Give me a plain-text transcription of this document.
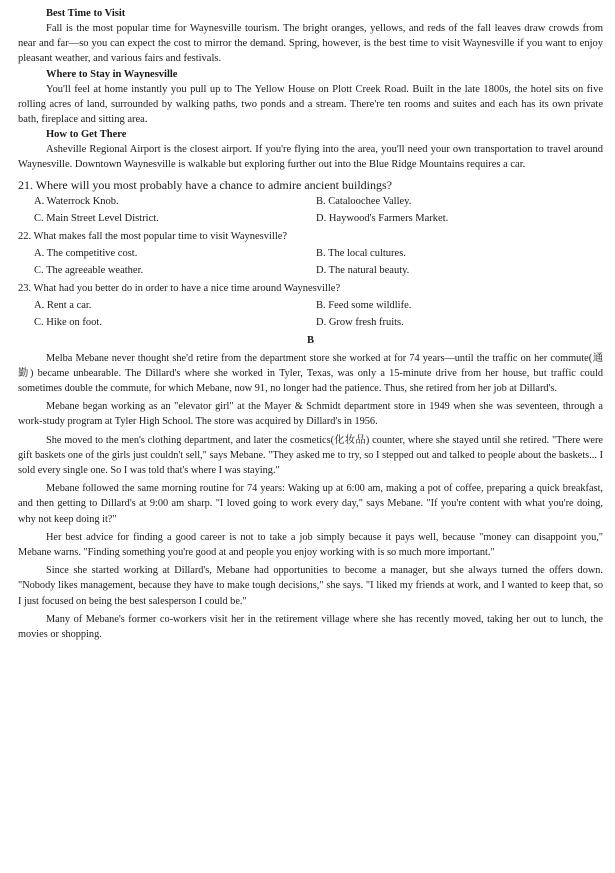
Best Time to Visit

Fall is the most popular time for Waynesville tourism. The bright oranges, yellows, and reds of the fall leaves draw crowds from near and far—so you can expect the cost to mirror the demand. Spring, however, is the best time to visit Waynesville if you want to enjoy pleasant weather, and various fairs and festivals.

Where to Stay in Waynesville

You'll feel at home instantly you pull up to The Yellow House on Plott Creek Road. Built in the late 1800s, the hotel sits on five rolling acres of land, surrounded by walking paths, two ponds and a stream. There're ten rooms and suites and each has its own private bath, fireplace and sitting area.

How to Get There

Asheville Regional Airport is the closest airport. If you're flying into the area, you'll need your own transportation to travel around Waynesville. Downtown Waynesville is walkable but exploring further out into the Blue Ridge Mountains requires a car.

21. Where will you most probably have a chance to admire ancient buildings?

A. Waterrock Knob.	B. Cataloochee Valley.
C. Main Street Level District.	D. Haywood's Farmers Market.

22. What makes fall the most popular time to visit Waynesville?

A. The competitive cost.	B. The local cultures.
C. The agreeable weather.	D. The natural beauty.

23. What had you better do in order to have a nice time around Waynesville?

A. Rent a car.	B. Feed some wildlife.
C. Hike on foot.	D. Grow fresh fruits.
B

Melba Mebane never thought she'd retire from the department store she worked at for 74 years—until the traffic on her commute(通勤) became unbearable. The Dillard's where she worked in Tyler, Texas, was only a 15-minute drive from her house, but traffic could sometimes double the commute, for which Mebane, now 91, no longer had the patience. Thus, she retired from her job at Dillard's.

Mebane began working as an "elevator girl" at the Mayer & Schmidt department store in 1949 when she was seventeen, through a work-study program at Tyler High School. The store was acquired by Dillard's in 1956.

She moved to the men's clothing department, and later the cosmetics(化妆品) counter, where she stayed until she retired. "There were gift baskets one of the girls just couldn't sell," says Mebane. "They asked me to try, so I stepped out and talked to people about the baskets... I sold every single one. So I was told that's where I was staying."

Mebane followed the same morning routine for 74 years: Waking up at 6:00 am, making a pot of coffee, preparing a quick breakfast, and then getting to Dillard's at 9:00 am sharp. "I loved going to work every day," says Mebane. "If you're content with what you're doing, why not keep doing it?"

Her best advice for finding a good career is not to take a job simply because it pays well, because "money can disappoint you," Mebane warns. "Finding something you're good at and people you enjoy working with is so much more important."

Since she started working at Dillard's, Mebane had opportunities to become a manager, but she always turned the offers down. "Nobody likes management, because they have to make tough decisions," she says. "I liked my friends at work, and I wanted to keep that, so I just focused on being the best salesperson I could be."

Many of Mebane's former co-workers visit her in the retirement village where she has recently moved, taking her out to lunch, the movies or shopping.
